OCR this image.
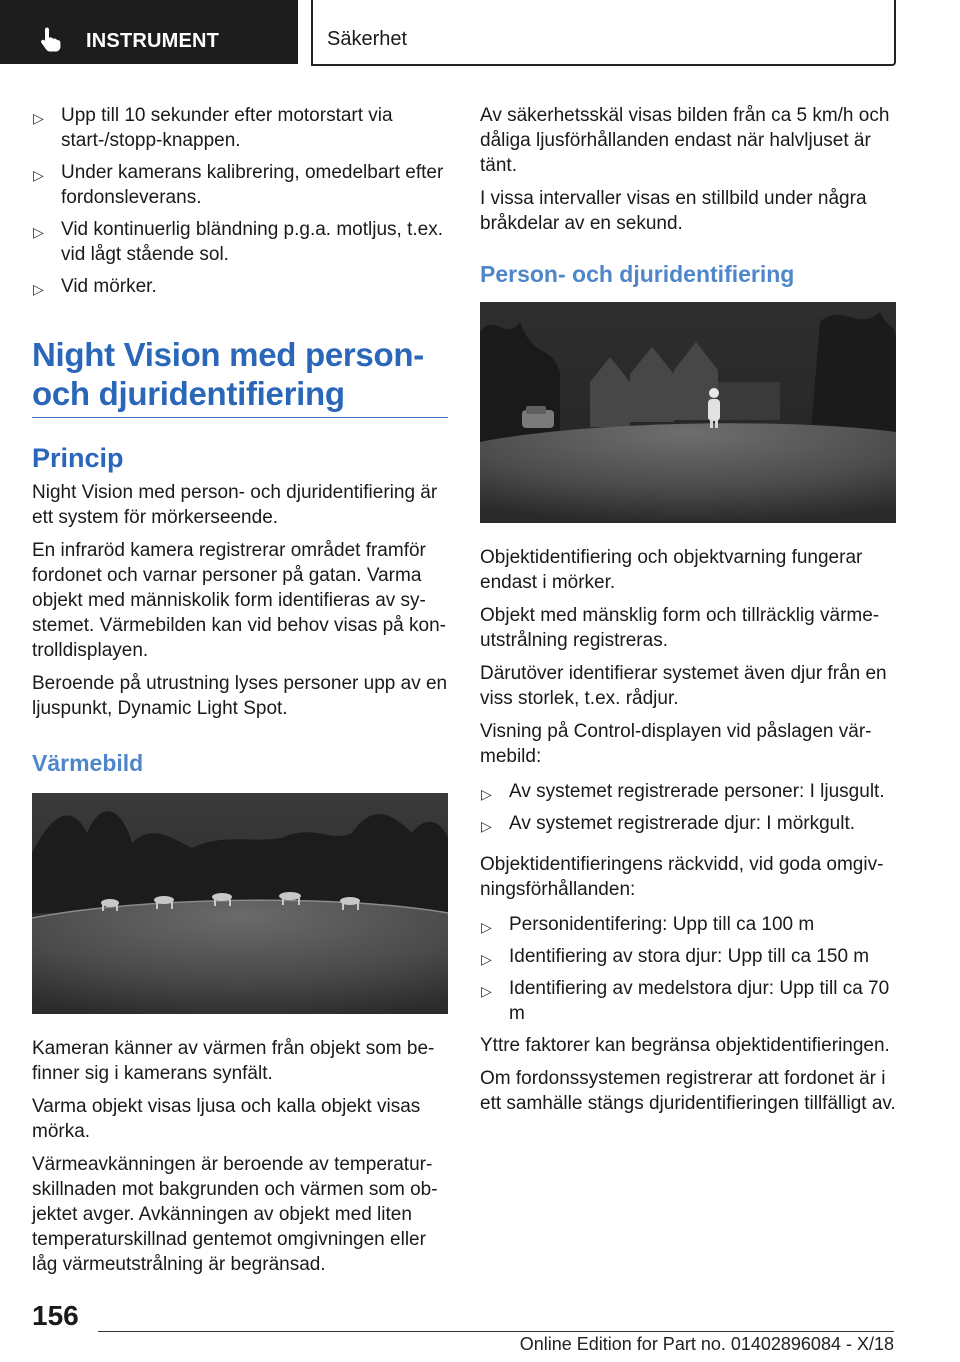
INSTRUMENT	Säkerhet
▷ Upp till 10 sekunder efter motorstart via start-/stopp-knappen.
▷ Under kamerans kalibrering, omedelbart efter fordonsleverans.
▷ Vid kontinuerlig bländning p.g.a. motljus, t.ex. vid lågt stående sol.
▷ Vid mörker.
Night Vision med person- och djuridentifiering
Princip

Night Vision med person- och djuridentifiering är ett system för mörkerseende.

En infraröd kamera registrerar området framför fordonet och varnar personer på gatan. Varma objekt med människolik form identifieras av sy-stemet. Värmebilden kan vid behov visas på kon-trolldisplayen.

Beroende på utrustning lyses personer upp av en ljuspunkt, Dynamic Light Spot.

Värmebild

Kameran känner av värmen från objekt som be-finner sig i kamerans synfält.

Varma objekt visas ljusa och kalla objekt visas mörka.

Värmeavkänningen är beroende av temperatur-skillnaden mot bakgrunden och värmen som ob-jektet avger. Avkänningen av objekt med liten temperaturskillnad gentemot omgivningen eller låg värmeutstrålning är begränsad.

Av säkerhetsskäl visas bilden från ca 5 km/h och dåliga ljusförhållanden endast när halvljuset är tänt.

I vissa intervaller visas en stillbild under några bråkdelar av en sekund.

Person- och djuridentifiering

Objektidentifiering och objektvarning fungerar endast i mörker.

Objekt med mänsklig form och tillräcklig värme-utstrålning registreras.

Därutöver identifierar systemet även djur från en viss storlek, t.ex. rådjur.

Visning på Control-displayen vid påslagen vär-mebild:

▷ Av systemet registrerade personer: I ljusgult.
▷ Av systemet registrerade djur: I mörkgult.

Objektidentifieringens räckvidd, vid goda omgiv-ningsförhållanden:

▷ Personidentifering: Upp till ca 100 m
▷ Identifiering av stora djur: Upp till ca 150 m
▷ Identifiering av medelstora djur: Upp till ca 70 m

Yttre faktorer kan begränsa objektidentifieringen.

Om fordonssystemen registrerar att fordonet är i ett samhälle stängs djuridentifieringen tillfälligt av.

156
Online Edition for Part no. 01402896084 - X/18
